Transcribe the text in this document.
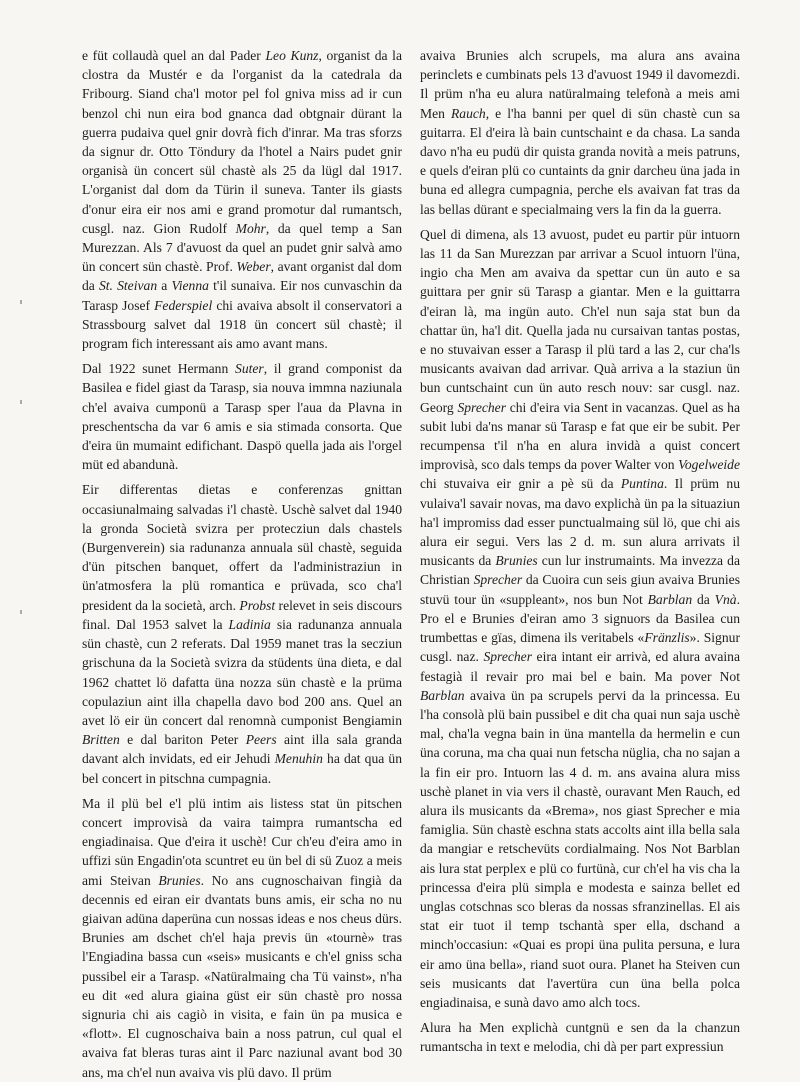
e füt collaudà quel an dal Pader Leo Kunz, organist da la clostra da Mustér e da l'organist da la catedrala da Fribourg. Siand cha'l motor pel fol gniva miss ad ir cun benzol chi nun eira bod gnanca dad obtgnair dürant la guerra pudaiva quel gnir dovrà fich d'inrar. Ma tras sforzs da signur dr. Otto Töndury da l'hotel a Nairs pudet gnir organisà ün concert sül chastè als 25 da lügl dal 1917. L'organist dal dom da Türin il suneva. Tanter ils giasts d'onur eira eir nos ami e grand promotur dal rumantsch, cusgl. naz. Gion Rudolf Mohr, da quel temp a San Murezzan. Als 7 d'avuost da quel an pudet gnir salvà amo ün concert sün chastè. Prof. Weber, avant organist dal dom da St. Steivan a Vienna t'il sunaiva. Eir nos cunvaschin da Tarasp Josef Federspiel chi avaiva absolt il conservatori a Strassbourg salvet dal 1918 ün concert sül chastè; il program fich interessant ais amo avant mans.

Dal 1922 sunet Hermann Suter, il grand componist da Basilea e fidel giast da Tarasp, sia nouva immna naziunala ch'el avaiva cumponü a Tarasp sper l'aua da Plavna in preschentscha da var 6 amis e sia stimada consorta. Que d'eira ün mumaint edifichant. Daspö quella jada ais l'orgel müt ed abandunà.

Eir differentas dietas e conferenzas gnittan occasiunalmaing salvadas i'l chastè. Uschè salvet dal 1940 la gronda Società svizra per protecziun dals chastels (Burgenverein) sia radunanza annuala sül chastè, seguida d'ün pitschen banquet, offert da l'administraziun in ün'atmosfera la plü romantica e prüvada, sco cha'l president da la società, arch. Probst relevet in seis discours final. Dal 1953 salvet la Ladinia sia radunanza annuala sün chastè, cun 2 referats. Dal 1959 manet tras la secziun grischuna da la Società svizra da stüdents üna dieta, e dal 1962 chattet lö dafatta üna nozza sün chastè e la prüma copulaziun aint illa chapella davo bod 200 ans. Quel an avet lö eir ün concert dal renomnà cumponist Bengiamin Britten e dal bariton Peter Peers aint illa sala granda davant alch invidats, ed eir Jehudi Menuhin ha dat qua ün bel concert in pitschna cumpagnia.

Ma il plü bel e'l plü intim ais listess stat ün pitschen concert improvisà da vaira taimpra rumantscha ed engiadinaisa. Que d'eira it uschè! Cur ch'eu d'eira amo in uffizi sün Engadin'ota scuntret eu ün bel di sü Zuoz a meis ami Steivan Brunies. No ans cugnoschaivan fingià da decennis ed eiran eir dvantats buns amis, eir scha no nu giaivan adüna daperüna cun nossas ideas e nos cheus dürs. Brunies am dschet ch'el haja previs ün «tournè» tras l'Engiadina bassa cun «seis» musicants e ch'el gniss scha pussibel eir a Tarasp. «Natüralmaing cha Tü vainst», n'ha eu dit «ed alura giaina güst eir sün chastè pro nossa signuria chi ais cagiò in visita, e fain ün pa musica e «flott». El cugnoschaiva bain a noss patrun, cul qual el avaiva fat bleras turas aint il Parc naziunal avant bod 30 ans, ma ch'el nun avaiva vis plü davo. Il prüm

avaiva Brunies alch scrupels, ma alura ans avaina perinclets e cumbinats pels 13 d'avuost 1949 il davomezdi. Il prüm n'ha eu alura natüralmaing telefonà a meis ami Men Rauch, e l'ha banni per quel di sün chastè cun sa guitarra. El d'eira là bain cuntschaint e da chasa. La sanda davo n'ha eu pudü dir quista granda novità a meis patruns, e quels d'eiran plü co cuntaints da gnir darcheu üna jada in buna ed allegra cumpagnia, perche els avaivan fat tras da las bellas dürant e specialmaing vers la fin da la guerra.

Quel di dimena, als 13 avuost, pudet eu partir pür intuorn las 11 da San Murezzan par arrivar a Scuol intuorn l'üna, ingio cha Men am avaiva da spettar cun ün auto e sa guittara per gnir sü Tarasp a giantar. Men e la guittarra d'eiran là, ma ingün auto. Ch'el nun saja stat bun da chattar ün, ha'l dit. Quella jada nu cursaivan tantas postas, e no stuvaivan esser a Tarasp il plü tard a las 2, cur cha'ls musicants avaivan dad arrivar. Quà arriva a la staziun ün bun cuntschaint cun ün auto resch nouv: sar cusgl. naz. Georg Sprecher chi d'eira via Sent in vacanzas. Quel as ha subit lubi da'ns manar sü Tarasp e fat que eir be subit. Per recumpensa t'il n'ha en alura invidà a quist concert improvisà, sco dals temps da pover Walter von Vogelweide chi stuvaiva eir gnir a pè sü da Puntina. Il prüm nu vulaiva'l savair novas, ma davo explichà ün pa la situaziun ha'l impromiss dad esser punctualmaing sül lö, que chi ais alura eir segui. Vers las 2 d. m. sun alura arrivats il musicants da Brunies cun lur instrumaints. Ma invezza da Christian Sprecher da Cuoira cun seis giun avaiva Brunies stuvü tour ün «suppleant», nos bun Not Barblan da Vnà. Pro el e Brunies d'eiran amo 3 signuors da Basilea cun trumbettas e gïas, dimena ils veritabels «Fränzlis». Signur cusgl. naz. Sprecher eira intant eir arrivà, ed alura avaina festagià il revair pro mai bel e bain. Ma pover Not Barblan avaiva ün pa scrupels pervi da la princessa. Eu l'ha consolà plü bain pussibel e dit cha quai nun saja uschè mal, cha'la vegna bain in üna mantella da hermelin e cun üna coruna, ma cha quai nun fetscha nüglia, cha no sajan a la fin eir pro. Intuorn las 4 d. m. ans avaina alura miss uschè planet in via vers il chastè, ouravant Men Rauch, ed alura ils musicants da «Brema», nos giast Sprecher e mia famiglia. Sün chastè eschna stats accolts aint illa bella sala da mangiar e retschevüts cordialmaing. Nos Not Barblan ais lura stat perplex e plü co furtünà, cur ch'el ha vis cha la princessa d'eira plü simpla e modesta e sainza bellet ed unglas cotschnas sco bleras da nossas sfranzinellas. El ais stat eir tuot il temp tschantà sper ella, dschand a minch'occasiun: «Quai es propi üna pulita persuna, e lura eir amo üna bella», riand suot oura. Planet ha Steiven cun seis musicants dat l'avertüra cun üna bella polca engiadinaisa, e sunà davo amo alch tocs.

Alura ha Men explichà cuntgnü e sen da la chanzun rumantscha in text e melodia, chi dà per part expressiun
